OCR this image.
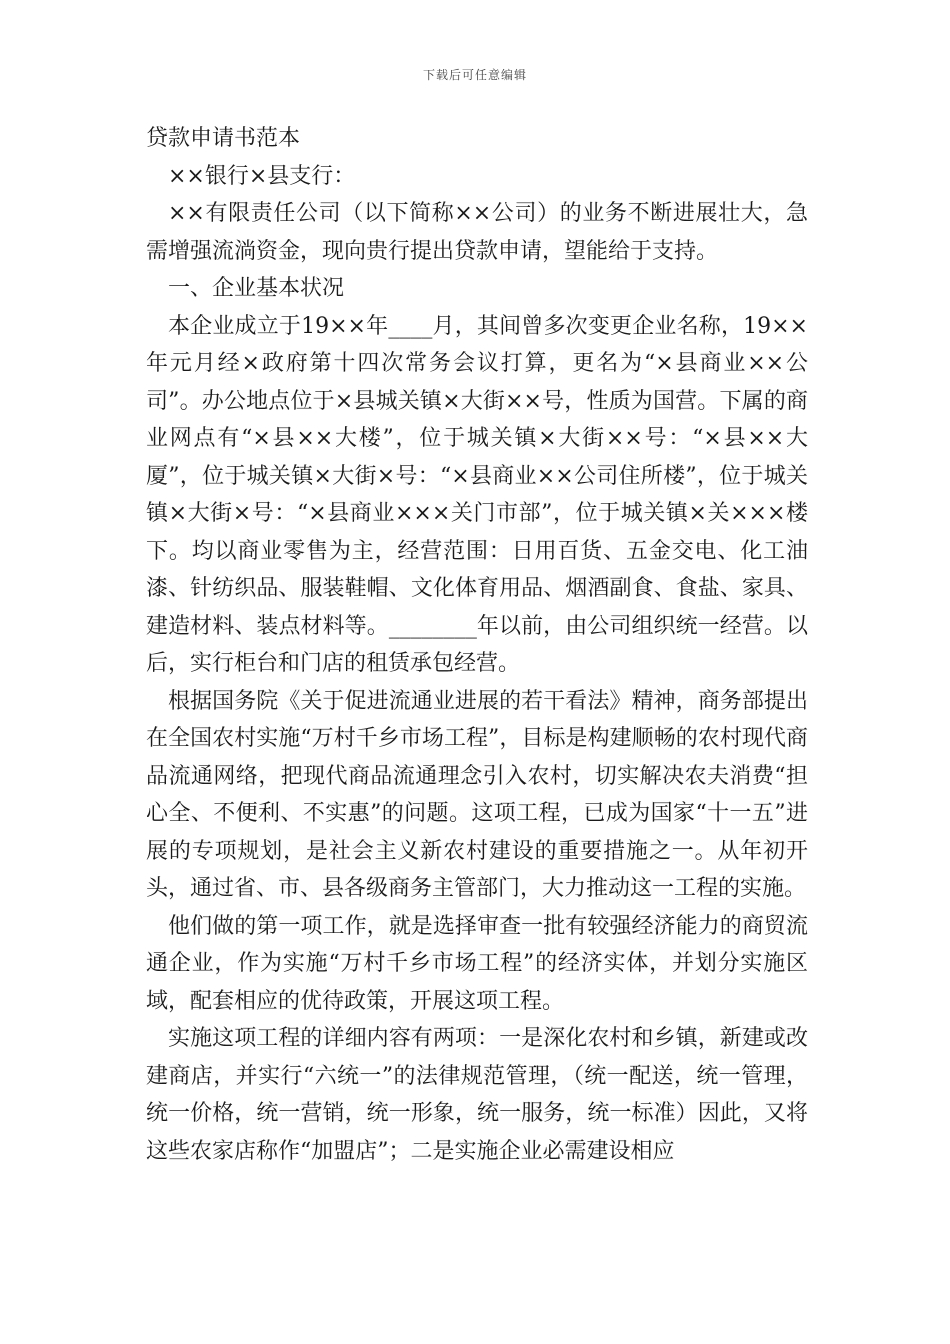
下载后可任意编辑

贷款申请书范本

××银行×县支行：

××有限责任公司（以下简称××公司）的业务不断进展壮大，急需增强流淌资金，现向贵行提出贷款申请，望能给于支持。

一、企业基本状况

本企业成立于19××年____月，其间曾多次变更企业名称，19××年元月经×政府第十四次常务会议打算，更名为“×县商业××公司”。办公地点位于×县城关镇×大街××号，性质为国营。下属的商业网点有“×县××大楼”，位于城关镇×大街××号：“×县××大厦”，位于城关镇×大街×号：“×县商业××公司住所楼”，位于城关镇×大街×号：“×县商业×××关门市部”，位于城关镇×关×××楼下。均以商业零售为主，经营范围：日用百货、五金交电、化工油漆、针纺织品、服装鞋帽、文化体育用品、烟酒副食、食盐、家具、建造材料、装点材料等。________年以前，由公司组织统一经营。以后，实行柜台和门店的租赁承包经营。

根据国务院《关于促进流通业进展的若干看法》精神，商务部提出在全国农村实施“万村千乡市场工程”，目标是构建顺畅的农村现代商品流通网络，把现代商品流通理念引入农村，切实解决农夫消费“担心全、不便利、不实惠”的问题。这项工程，已成为国家“十一五”进展的专项规划，是社会主义新农村建设的重要措施之一。从年初开头，通过省、市、县各级商务主管部门，大力推动这一工程的实施。

他们做的第一项工作，就是选择审查一批有较强经济能力的商贸流通企业，作为实施“万村千乡市场工程”的经济实体，并划分实施区域，配套相应的优待政策，开展这项工程。

实施这项工程的详细内容有两项：一是深化农村和乡镇，新建或改建商店，并实行“六统一”的法律规范管理，（统一配送，统一管理，统一价格，统一营销，统一形象，统一服务，统一标准）因此，又将这些农家店称作“加盟店”；二是实施企业必需建设相应
